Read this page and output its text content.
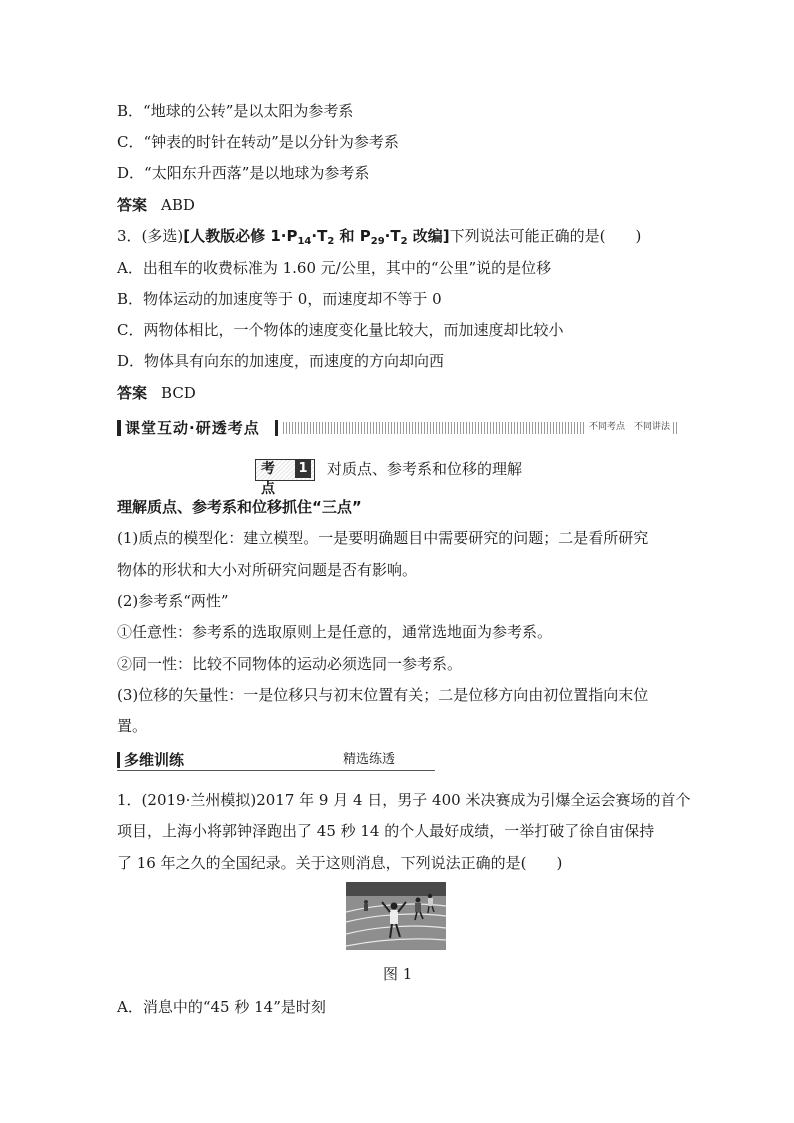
B．“地球的公转”是以太阳为参考系
C．“钟表的时针在转动”是以分针为参考系
D．“太阳东升西落”是以地球为参考系
答案 ABD
3．(多选)[人教版必修 $1\cdot P_{14}\cdot T_2$ 和 $P_{29}\cdot T_2$ 改编]下列说法可能正确的是(　　)
A．出租车的收费标准为 1.60 元/公里，其中的“公里”说的是位移
B．物体运动的加速度等于 0，而速度却不等于 0
C．两物体相比，一个物体的速度变化量比较大，而加速度却比较小
D．物体具有向东的加速度，而速度的方向却向西
答案 BCD
课堂互动·研透考点	不同考点　不同讲法
考点
1 对质点、参考系和位移的理解
理解质点、参考系和位移抓住“三点”
(1)质点的模型化：建立模型。一是要明确题目中需要研究的问题；二是看所研究
物体的形状和大小对所研究问题是否有影响。
(2)参考系“两性”
①任意性：参考系的选取原则上是任意的，通常选地面为参考系。
②同一性：比较不同物体的运动必须选同一参考系。
(3)位移的矢量性：一是位移只与初末位置有关；二是位移方向由初位置指向末位
置。
多维训练	精选练透
1．(2019·兰州模拟)2017 年 9 月 4 日，男子 400 米决赛成为引爆全运会赛场的首个
项目，上海小将郭钟泽跑出了 45 秒 14 的个人最好成绩，一举打破了徐自宙保持
了 16 年之久的全国纪录。关于这则消息，下列说法正确的是(　　)
图 1
A．消息中的“45 秒 14”是时刻
